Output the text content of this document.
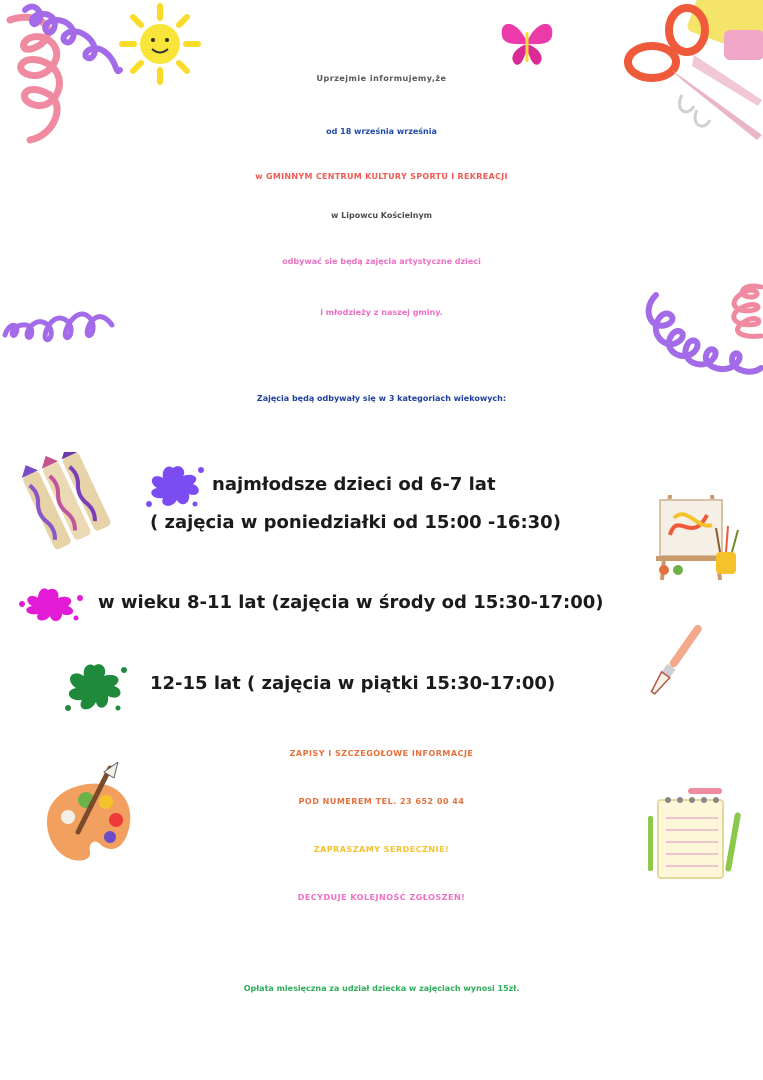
Uprzejmie informujemy,że
od 18 września września
w GMINNYM CENTRUM KULTURY SPORTU I REKREACJI
w Lipowcu Kościelnym
odbywać sie będą zajęcia artystyczne dzieci
i młodzieży z naszej gminy.
Zajęcia będą odbywały się w 3 kategoriach wiekowych:
najmłodsze dzieci od 6-7 lat
( zajęcia w poniedziałki od 15:00 -16:30)
w wieku 8-11 lat (zajęcia w środy od 15:30-17:00)
12-15 lat ( zajęcia w piątki 15:30-17:00)
ZAPISY I SZCZEGÓŁOWE INFORMACJE
POD NUMEREM TEL. 23 652 00 44
ZAPRASZAMY SERDECZNIE!
DECYDUJE KOLEJNOŚĆ ZGŁOSZEŃ!
Opłata miesięczna za udział dziecka w zajęciach wynosi 15zł.
